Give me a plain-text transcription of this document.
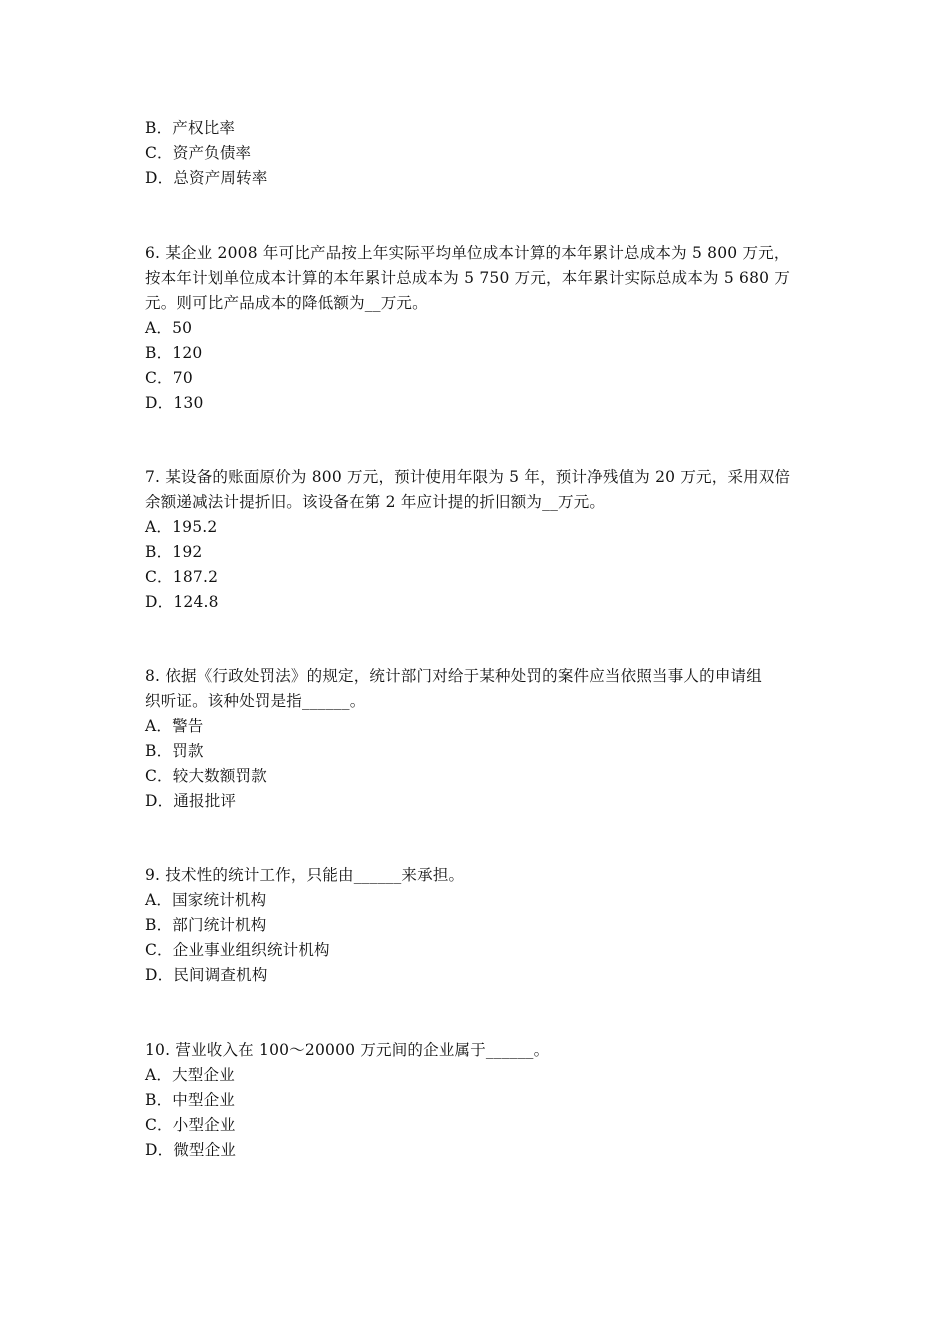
B．产权比率
C．资产负债率
D．总资产周转率
6. 某企业 2008 年可比产品按上年实际平均单位成本计算的本年累计总成本为 5 800 万元，
按本年计划单位成本计算的本年累计总成本为 5 750 万元，本年累计实际总成本为 5 680 万
元。则可比产品成本的降低额为__万元。
A．50
B．120
C．70
D．130
7. 某设备的账面原价为 800 万元，预计使用年限为 5 年，预计净残值为 20 万元，采用双倍
余额递减法计提折旧。该设备在第 2 年应计提的折旧额为__万元。
A．195.2
B．192
C．187.2
D．124.8
8. 依据《行政处罚法》的规定，统计部门对给于某种处罚的案件应当依照当事人的申请组
织听证。该种处罚是指______。
A．警告
B．罚款
C．较大数额罚款
D．通报批评
9. 技术性的统计工作，只能由______来承担。
A．国家统计机构
B．部门统计机构
C．企业事业组织统计机构
D．民间调查机构
10. 营业收入在 100～20000 万元间的企业属于______。
A．大型企业
B．中型企业
C．小型企业
D．微型企业
